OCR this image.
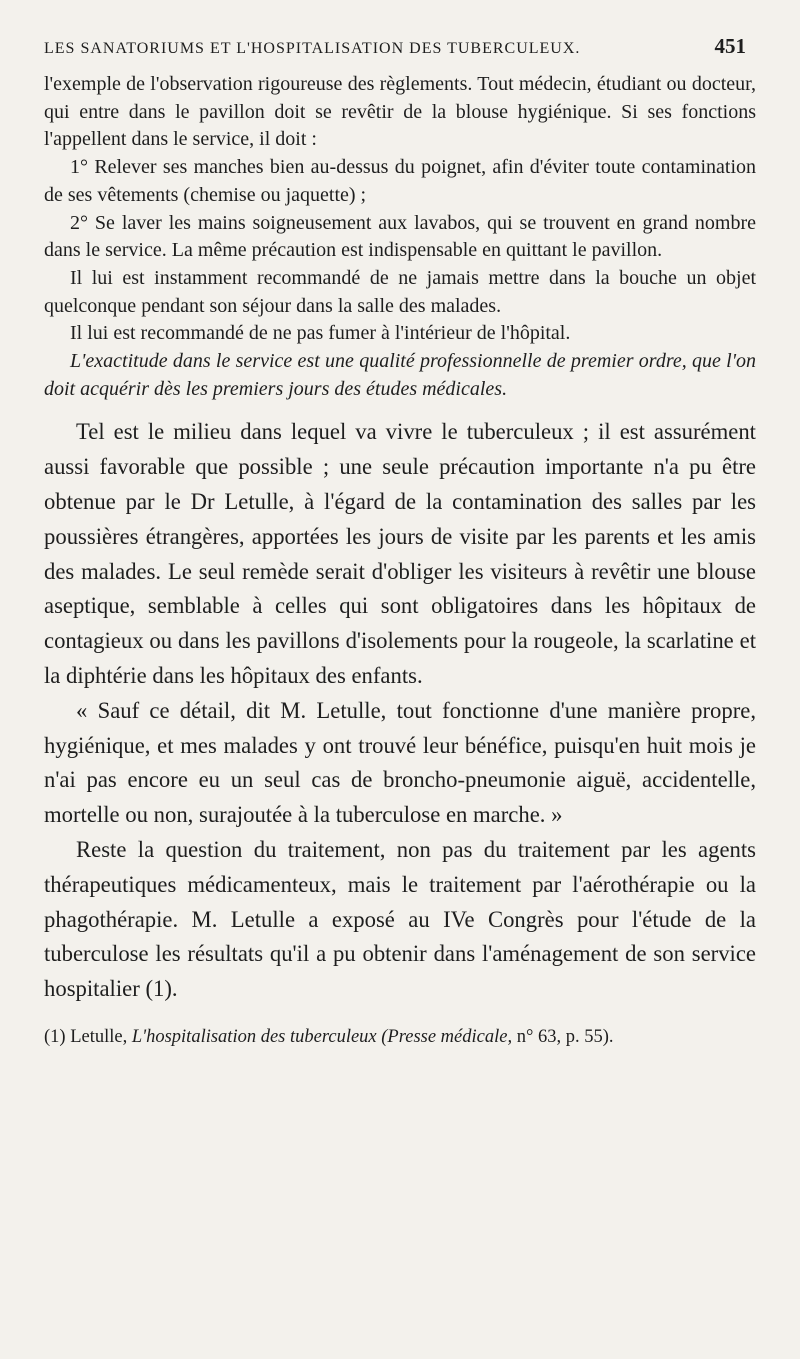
LES SANATORIUMS ET L'HOSPITALISATION DES TUBERCULEUX.	451

l'exemple de l'observation rigoureuse des règlements. Tout médecin, étudiant ou docteur, qui entre dans le pavillon doit se revêtir de la blouse hygiénique. Si ses fonctions l'appellent dans le service, il doit :

1° Relever ses manches bien au-dessus du poignet, afin d'éviter toute contamination de ses vêtements (chemise ou jaquette) ;

2° Se laver les mains soigneusement aux lavabos, qui se trouvent en grand nombre dans le service. La même précaution est indispensable en quittant le pavillon.

Il lui est instamment recommandé de ne jamais mettre dans la bouche un objet quelconque pendant son séjour dans la salle des malades.

Il lui est recommandé de ne pas fumer à l'intérieur de l'hôpital.

L'exactitude dans le service est une qualité professionnelle de premier ordre, que l'on doit acquérir dès les premiers jours des études médicales.

Tel est le milieu dans lequel va vivre le tuberculeux ; il est assurément aussi favorable que possible ; une seule précaution importante n'a pu être obtenue par le Dr Letulle, à l'égard de la contamination des salles par les poussières étrangères, apportées les jours de visite par les parents et les amis des malades. Le seul remède serait d'obliger les visiteurs à revêtir une blouse aseptique, semblable à celles qui sont obligatoires dans les hôpitaux de contagieux ou dans les pavillons d'isolements pour la rougeole, la scarlatine et la diphtérie dans les hôpitaux des enfants.

« Sauf ce détail, dit M. Letulle, tout fonctionne d'une manière propre, hygiénique, et mes malades y ont trouvé leur bénéfice, puisqu'en huit mois je n'ai pas encore eu un seul cas de broncho-pneumonie aiguë, accidentelle, mortelle ou non, surajoutée à la tuberculose en marche. »

Reste la question du traitement, non pas du traitement par les agents thérapeutiques médicamenteux, mais le traitement par l'aérothérapie ou la phagothérapie. M. Letulle a exposé au IVe Congrès pour l'étude de la tuberculose les résultats qu'il a pu obtenir dans l'aménagement de son service hospitalier (1).

(1) Letulle, L'hospitalisation des tuberculeux (Presse médicale, n° 63, p. 55).
